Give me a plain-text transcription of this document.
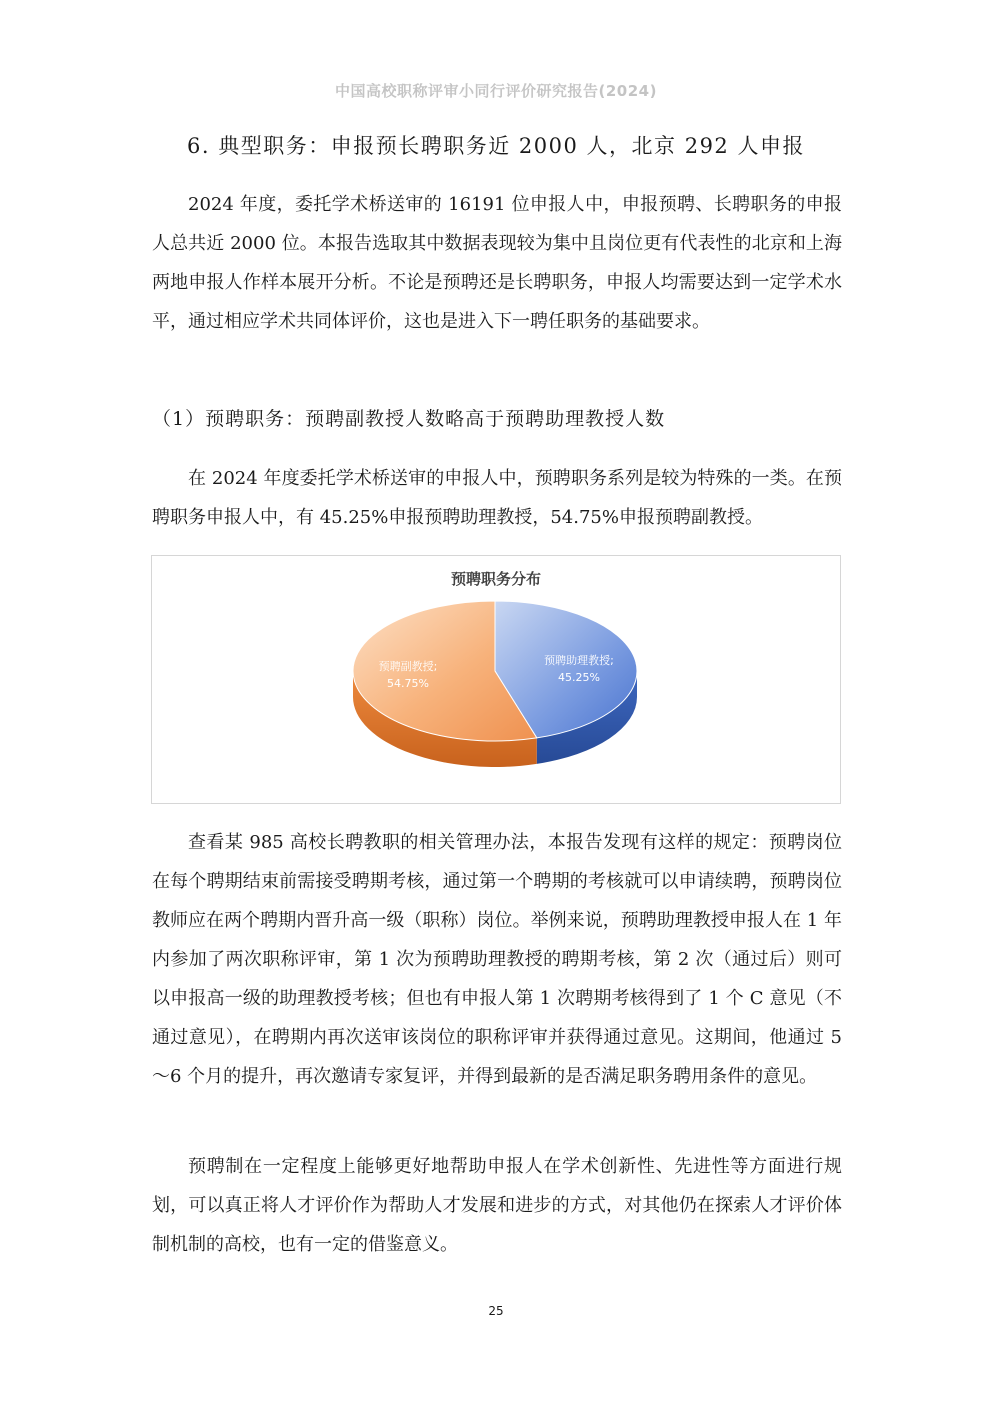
中国高校职称评审小同行评价研究报告(2024)
6. 典型职务：申报预长聘职务近 2000 人，北京 292 人申报

2024 年度，委托学术桥送审的 16191 位申报人中，申报预聘、长聘职务的申报人总共近 2000 位。本报告选取其中数据表现较为集中且岗位更有代表性的北京和上海两地申报人作样本展开分析。不论是预聘还是长聘职务，申报人均需要达到一定学术水平，通过相应学术共同体评价，这也是进入下一聘任职务的基础要求。

（1）预聘职务：预聘副教授人数略高于预聘助理教授人数

在 2024 年度委托学术桥送审的申报人中，预聘职务系列是较为特殊的一类。在预聘职务申报人中，有 45.25%申报预聘助理教授，54.75%申报预聘副教授。

预聘职务分布
预聘助理教授;
45.25%
预聘副教授;
54.75%

查看某 985 高校长聘教职的相关管理办法，本报告发现有这样的规定：预聘岗位在每个聘期结束前需接受聘期考核，通过第一个聘期的考核就可以申请续聘，预聘岗位教师应在两个聘期内晋升高一级（职称）岗位。举例来说，预聘助理教授申报人在 1 年内参加了两次职称评审，第 1 次为预聘助理教授的聘期考核，第 2 次（通过后）则可以申报高一级的助理教授考核；但也有申报人第 1 次聘期考核得到了 1 个 C 意见（不通过意见），在聘期内再次送审该岗位的职称评审并获得通过意见。这期间，他通过 5～6 个月的提升，再次邀请专家复评，并得到最新的是否满足职务聘用条件的意见。

预聘制在一定程度上能够更好地帮助申报人在学术创新性、先进性等方面进行规划，可以真正将人才评价作为帮助人才发展和进步的方式，对其他仍在探索人才评价体制机制的高校，也有一定的借鉴意义。

25
